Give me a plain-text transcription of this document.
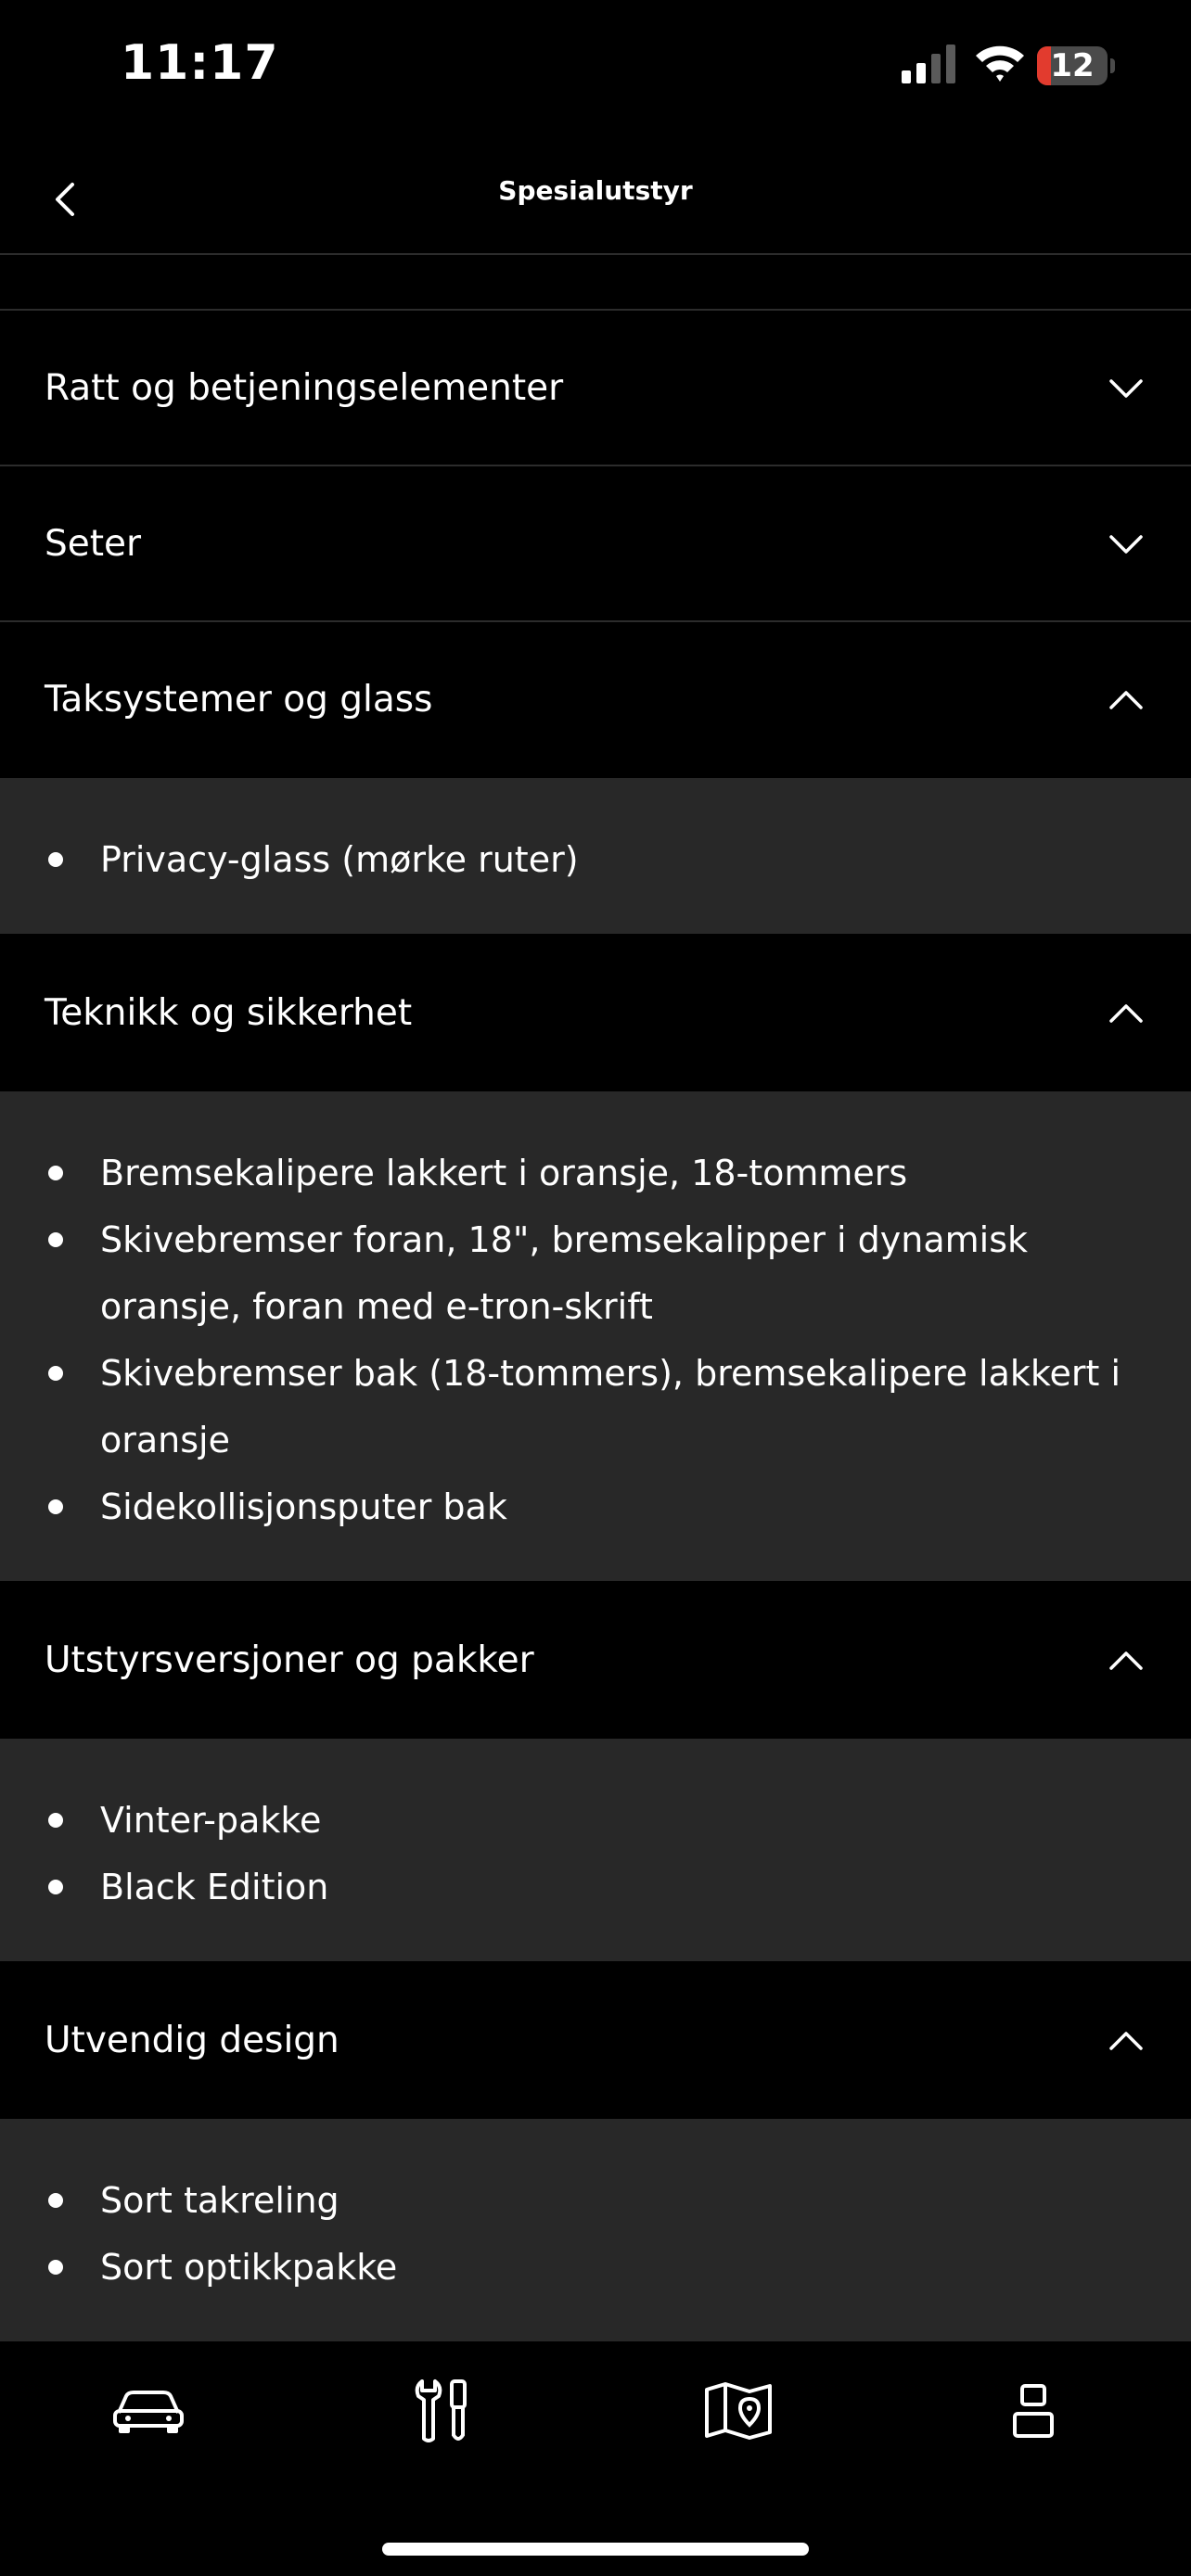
11:17	12
Spesialutstyr
Ratt og betjeningselementer
Seter
Taksystemer og glass
Privacy-glass (mørke ruter)
Teknikk og sikkerhet
Bremsekalipere lakkert i oransje, 18-tommers
Skivebremser foran, 18", bremsekalipper i dynamisk oransje, foran med e-tron-skrift
Skivebremser bak (18-tommers), bremsekalipere lakkert i oransje
Sidekollisjonsputer bak
Utstyrsversjoner og pakker
Vinter-pakke
Black Edition
Utvendig design
Sort takreling
Sort optikkpakke
